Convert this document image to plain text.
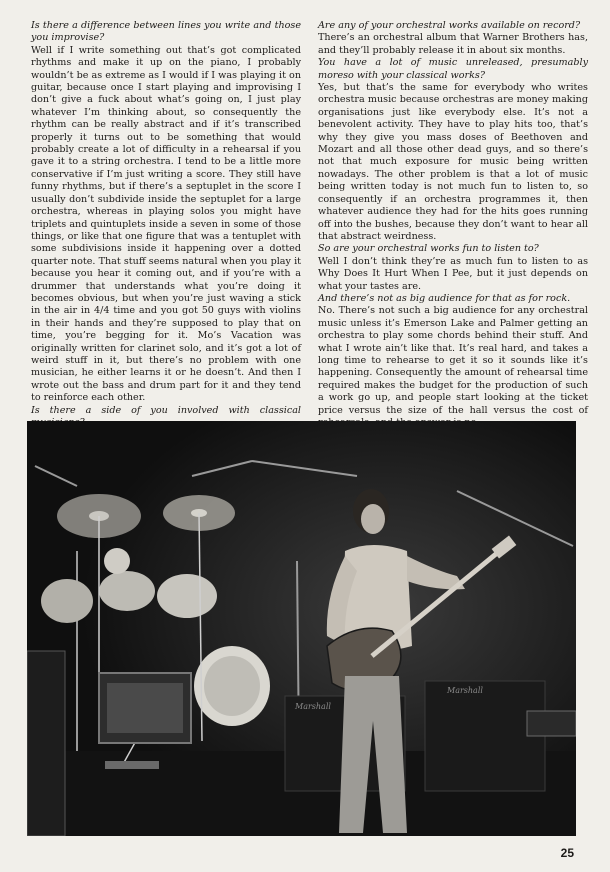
Is there a difference between lines you write and those you improvise?

Well if I write something out that’s got complicated rhythms and make it up on the piano, I probably wouldn’t be as extreme as I would if I was playing it on guitar, because once I start playing and improvising I don’t give a fuck about what’s going on, I just play whatever I’m thinking about, so consequently the rhythm can be really abstract and if it’s transcribed properly it turns out to be something that would probably create a lot of difficulty in a rehearsal if you gave it to a string orchestra. I tend to be a little more conservative if I’m just writing a score. They still have funny rhythms, but if there’s a septuplet in the score I usually don’t subdivide inside the septuplet for a large orchestra, whereas in playing solos you might have triplets and quintuplets inside a seven in some of those things, or like that one figure that was a tentuplet with some subdivisions inside it happening over a dotted quarter note. That stuff seems natural when you play it because you hear it coming out, and if you’re with a drummer that understands what you’re doing it becomes obvious, but when you’re just waving a stick in the air in 4/4 time and you got 50 guys with violins in their hands and they’re supposed to play that on time, you’re begging for it. Mo’s Vacation was originally written for clarinet solo, and it’s got a lot of weird stuff in it, but there’s no problem with one musician, he either learns it or he doesn’t. And then I wrote out the bass and drum part for it and they tend to reinforce each other.

Is there a side of you involved with classical

Are any of your orchestral works available on record?

There’s an orchestral album that Warner Brothers has, and they’ll probably release it in about six months.

You have a lot of music unreleased, presumably moreso with your classical works?

Yes, but that’s the same for everybody who writes orchestra music because orchestras are money making organisations just like everybody else. It’s not a benevolent activity. They have to play hits too, that’s why they give you mass doses of Beethoven and Mozart and all those other dead guys, and so there’s not that much exposure for music being written nowadays. The other problem is that a lot of music being written today is not much fun to listen to, so consequently if an orchestra programmes it, then whatever audience they had for the hits goes running off into the bushes, because they don’t want to hear all that abstract weirdness.

So are your orchestral works fun to listen to?

Well I don’t think they’re as much fun to listen to as Why Does It Hurt When I Pee, but it just depends on what your tastes are.

And there’s not as big audience for that as for rock.

No. There’s not such a big audience for any orchestral music unless it’s Emerson Lake and Palmer getting an orchestra to play some chords behind their stuff. And what I wrote ain’t like that. It’s real hard, and takes a long time to rehearse to get it so it sounds like it’s happening. Consequently the amount of rehearsal time required makes the budget for the production of such a work go up, and people start looking at the ticket price versus the size of the hall versus the cost of

Marshall
Marshall
25
